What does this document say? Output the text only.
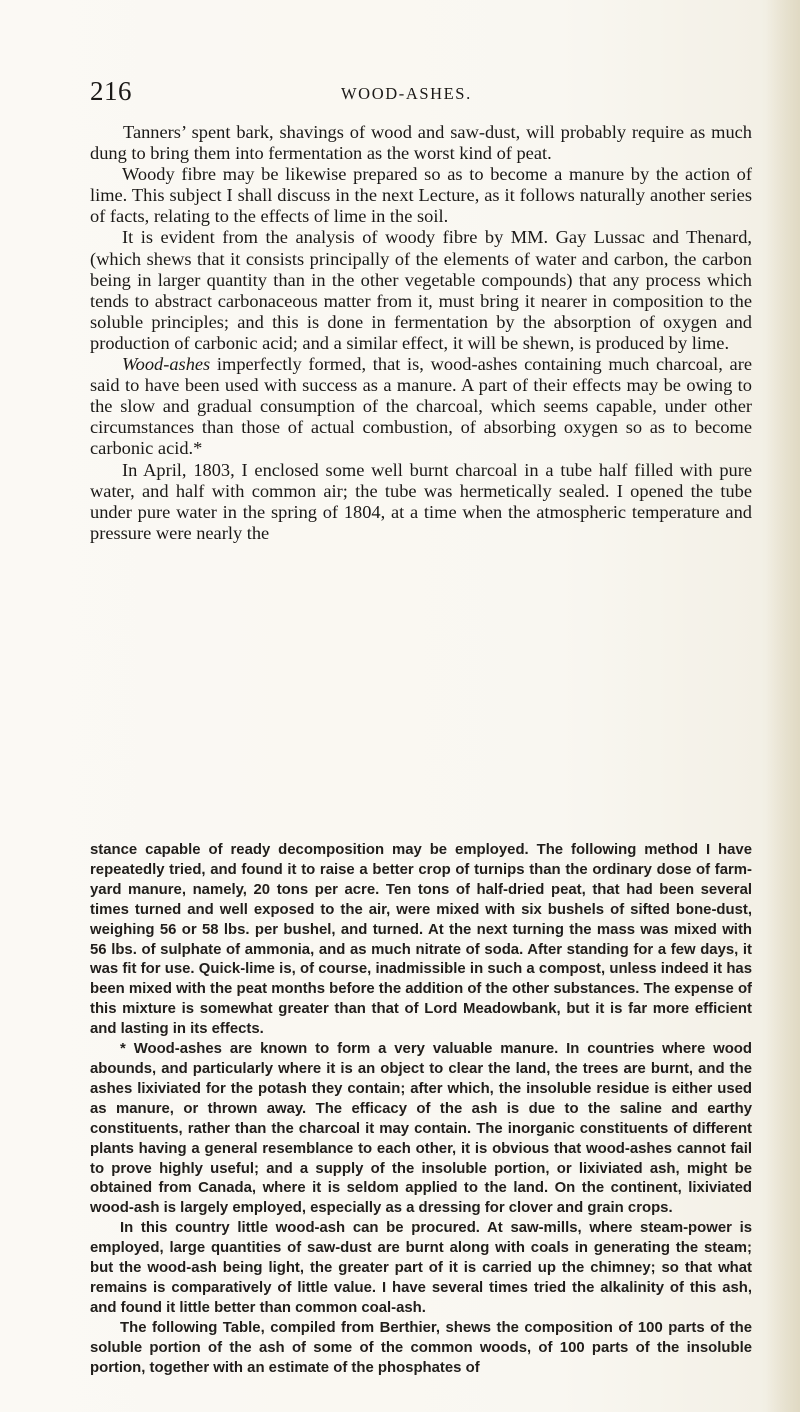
216	WOOD-ASHES.

Tanners’ spent bark, shavings of wood and saw-dust, will probably require as much dung to bring them into fermentation as the worst kind of peat.

Woody fibre may be likewise prepared so as to become a manure by the action of lime. This subject I shall discuss in the next Lecture, as it follows naturally another series of facts, relating to the effects of lime in the soil.

It is evident from the analysis of woody fibre by MM. Gay Lussac and Thenard, (which shews that it consists principally of the elements of water and carbon, the carbon being in larger quantity than in the other vegetable compounds) that any process which tends to abstract carbonaceous matter from it, must bring it nearer in composition to the soluble principles; and this is done in fermentation by the absorption of oxygen and production of carbonic acid; and a similar effect, it will be shewn, is produced by lime.

Wood-ashes imperfectly formed, that is, wood-ashes containing much charcoal, are said to have been used with success as a manure. A part of their effects may be owing to the slow and gradual consumption of the charcoal, which seems capable, under other circumstances than those of actual combustion, of absorbing oxygen so as to become carbonic acid.*

In April, 1803, I enclosed some well burnt charcoal in a tube half filled with pure water, and half with common air; the tube was hermetically sealed. I opened the tube under pure water in the spring of 1804, at a time when the atmospheric temperature and pressure were nearly the

stance capable of ready decomposition may be employed. The following method I have repeatedly tried, and found it to raise a better crop of turnips than the ordinary dose of farm-yard manure, namely, 20 tons per acre. Ten tons of half-dried peat, that had been several times turned and well exposed to the air, were mixed with six bushels of sifted bone-dust, weighing 56 or 58 lbs. per bushel, and turned. At the next turning the mass was mixed with 56 lbs. of sulphate of ammonia, and as much nitrate of soda. After standing for a few days, it was fit for use. Quick-lime is, of course, inadmissible in such a compost, unless indeed it has been mixed with the peat months before the addition of the other substances. The expense of this mixture is somewhat greater than that of Lord Meadowbank, but it is far more efficient and lasting in its effects.

* Wood-ashes are known to form a very valuable manure. In countries where wood abounds, and particularly where it is an object to clear the land, the trees are burnt, and the ashes lixiviated for the potash they contain; after which, the insoluble residue is either used as manure, or thrown away. The efficacy of the ash is due to the saline and earthy constituents, rather than the charcoal it may contain. The inorganic constituents of different plants having a general resemblance to each other, it is obvious that wood-ashes cannot fail to prove highly useful; and a supply of the insoluble portion, or lixiviated ash, might be obtained from Canada, where it is seldom applied to the land. On the continent, lixiviated wood-ash is largely employed, especially as a dressing for clover and grain crops.

In this country little wood-ash can be procured. At saw-mills, where steam-power is employed, large quantities of saw-dust are burnt along with coals in generating the steam; but the wood-ash being light, the greater part of it is carried up the chimney; so that what remains is comparatively of little value. I have several times tried the alkalinity of this ash, and found it little better than common coal-ash.

The following Table, compiled from Berthier, shews the composition of 100 parts of the soluble portion of the ash of some of the common woods, of 100 parts of the insoluble portion, together with an estimate of the phosphates of
